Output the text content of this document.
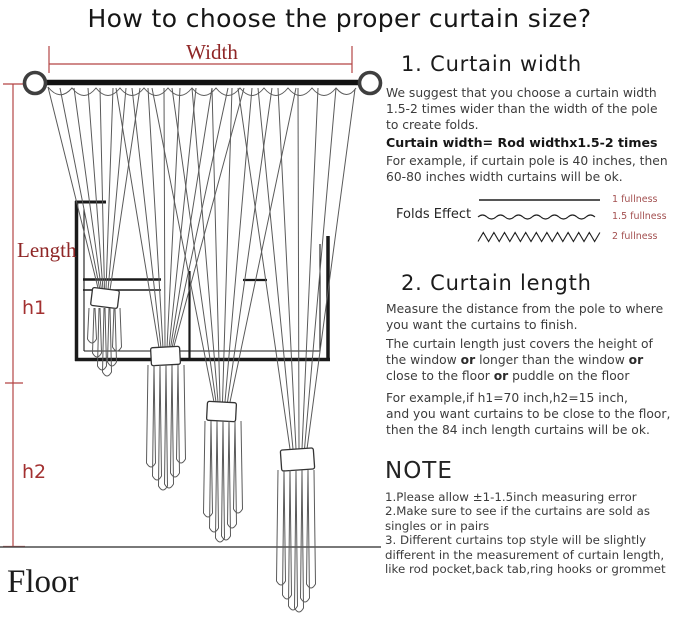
How to choose the proper curtain size?
Width
Length
h1
h2
Floor
1. Curtain width
We suggest that you choose a curtain width
1.5-2 times wider than the width of the pole
to create folds.
Curtain width= Rod widthx1.5-2 times
For example, if curtain pole is 40 inches, then
60-80 inches width curtains will be ok.
Folds Effect
1 fullness
1.5 fullness
2 fullness
2. Curtain length
Measure the distance from the pole to where
you want the curtains to finish.
The curtain length just covers the height of
the window or longer than the window or
close to the floor or puddle on the floor
For example,if h1=70 inch,h2=15 inch,
and you want curtains to be close to the floor,
then the 84 inch length curtains will be ok.
NOTE
1.Please allow ±1-1.5inch measuring error
2.Make sure to see if the curtains are sold as
singles or in pairs
3. Different curtains top style will be slightly
different in the measurement of curtain length,
like rod pocket,back tab,ring hooks or grommet
